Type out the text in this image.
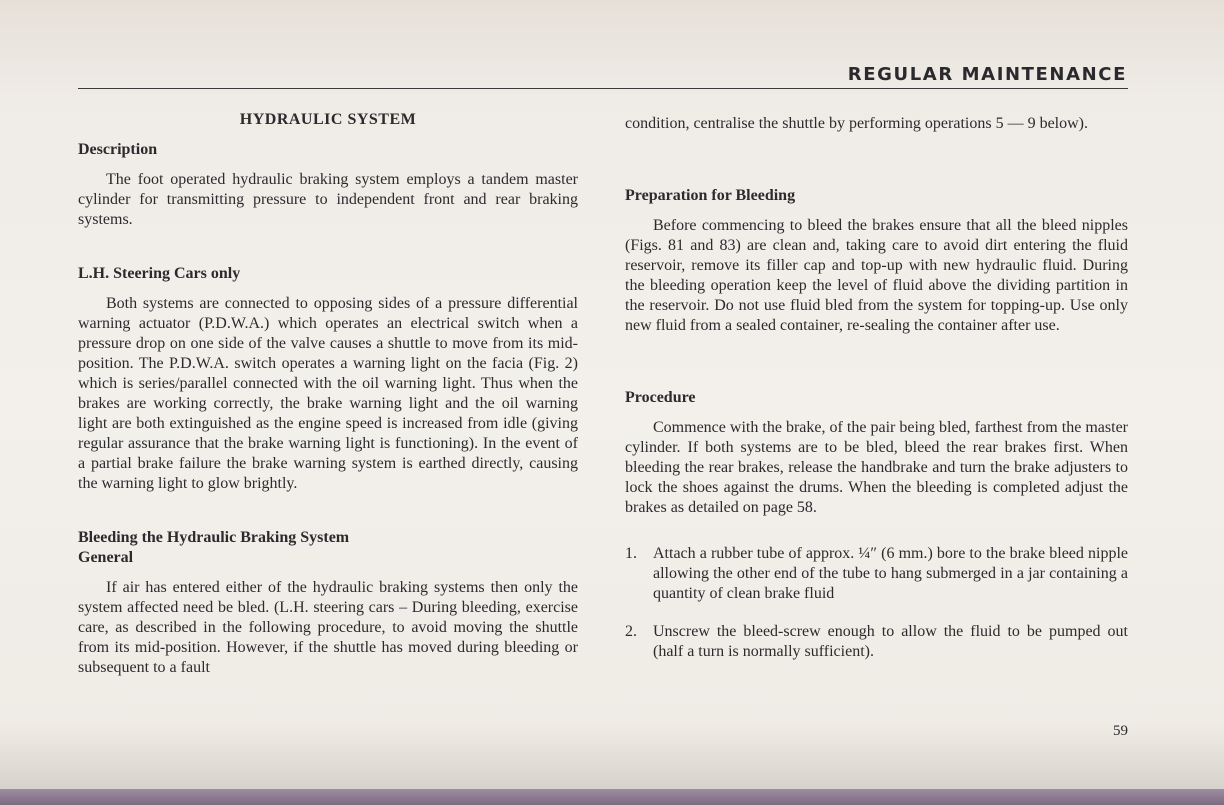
REGULAR MAINTENANCE
HYDRAULIC SYSTEM
Description

The foot operated hydraulic braking system employs a tandem master cylinder for transmitting pressure to independent front and rear braking systems.

L.H. Steering Cars only

Both systems are connected to opposing sides of a pressure differential warning actuator (P.D.W.A.) which operates an electrical switch when a pressure drop on one side of the valve causes a shuttle to move from its mid-position. The P.D.W.A. switch operates a warning light on the facia (Fig. 2) which is series/parallel connected with the oil warning light. Thus when the brakes are working correctly, the brake warning light and the oil warning light are both extinguished as the engine speed is increased from idle (giving regular assurance that the brake warning light is functioning). In the event of a partial brake failure the brake warning system is earthed directly, causing the warning light to glow brightly.

Bleeding the Hydraulic Braking System
General

If air has entered either of the hydraulic braking systems then only the system affected need be bled. (L.H. steering cars – During bleeding, exercise care, as described in the following procedure, to avoid moving the shuttle from its mid-position. However, if the shuttle has moved during bleeding or subsequent to a fault

condition, centralise the shuttle by performing operations 5 — 9 below).

Preparation for Bleeding

Before commencing to bleed the brakes ensure that all the bleed nipples (Figs. 81 and 83) are clean and, taking care to avoid dirt entering the fluid reservoir, remove its filler cap and top-up with new hydraulic fluid. During the bleeding operation keep the level of fluid above the dividing partition in the reservoir. Do not use fluid bled from the system for topping-up. Use only new fluid from a sealed container, re-sealing the container after use.

Procedure

Commence with the brake, of the pair being bled, farthest from the master cylinder. If both systems are to be bled, bleed the rear brakes first. When bleeding the rear brakes, release the handbrake and turn the brake adjusters to lock the shoes against the drums. When the bleeding is completed adjust the brakes as detailed on page 58.

1.	Attach a rubber tube of approx. ¼″ (6 mm.) bore to the brake bleed nipple allowing the other end of the tube to hang submerged in a jar containing a quantity of clean brake fluid
2.	Unscrew the bleed-screw enough to allow the fluid to be pumped out (half a turn is normally sufficient).
59
